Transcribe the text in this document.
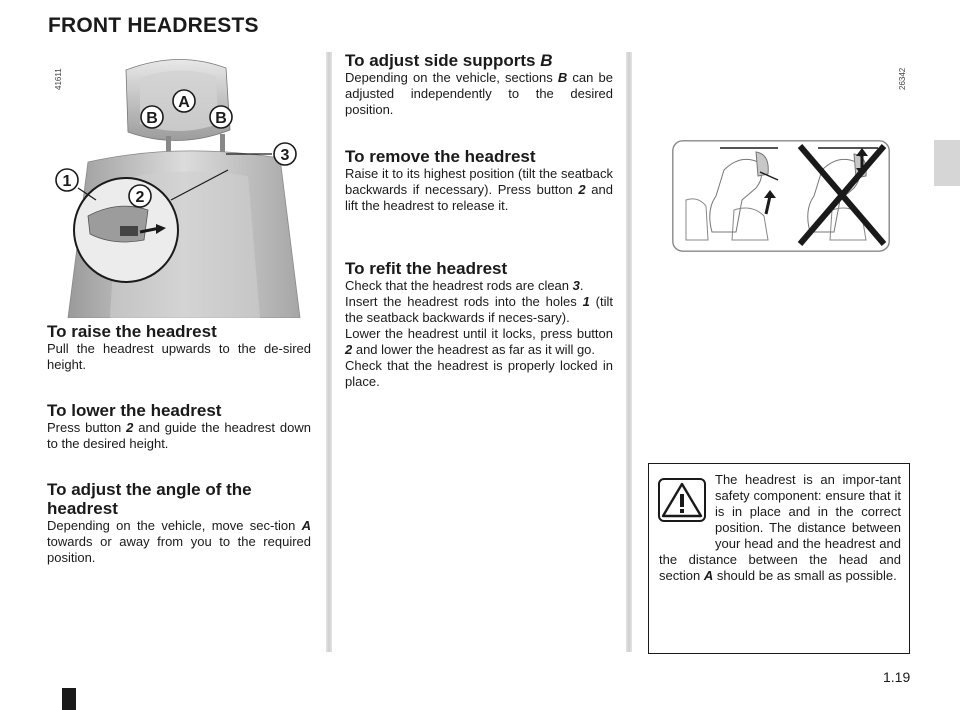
FRONT HEADRESTS
41611	26342
A
B	B
3
1
2
To raise the headrest

Pull the headrest upwards to the de-sired height.

To lower the headrest

Press button 2 and guide the headrest down to the desired height.

To adjust the angle of the headrest

Depending on the vehicle, move sec-tion A towards or away from you to the required position.

To adjust side supports B

Depending on the vehicle, sections B can be adjusted independently to the desired position.

To remove the headrest

Raise it to its highest position (tilt the seatback backwards if necessary). Press button 2 and lift the headrest to release it.

To refit the headrest

Check that the headrest rods are clean 3.

Insert the headrest rods into the holes 1 (tilt the seatback backwards if neces-sary).

Lower the headrest until it locks, press button 2 and lower the headrest as far as it will go.

Check that the headrest is properly locked in place.

The headrest is an impor-tant safety component: ensure that it is in place and in the correct position. The distance between your head and the headrest and the distance between the head and section A should be as small as possible.
1.19
